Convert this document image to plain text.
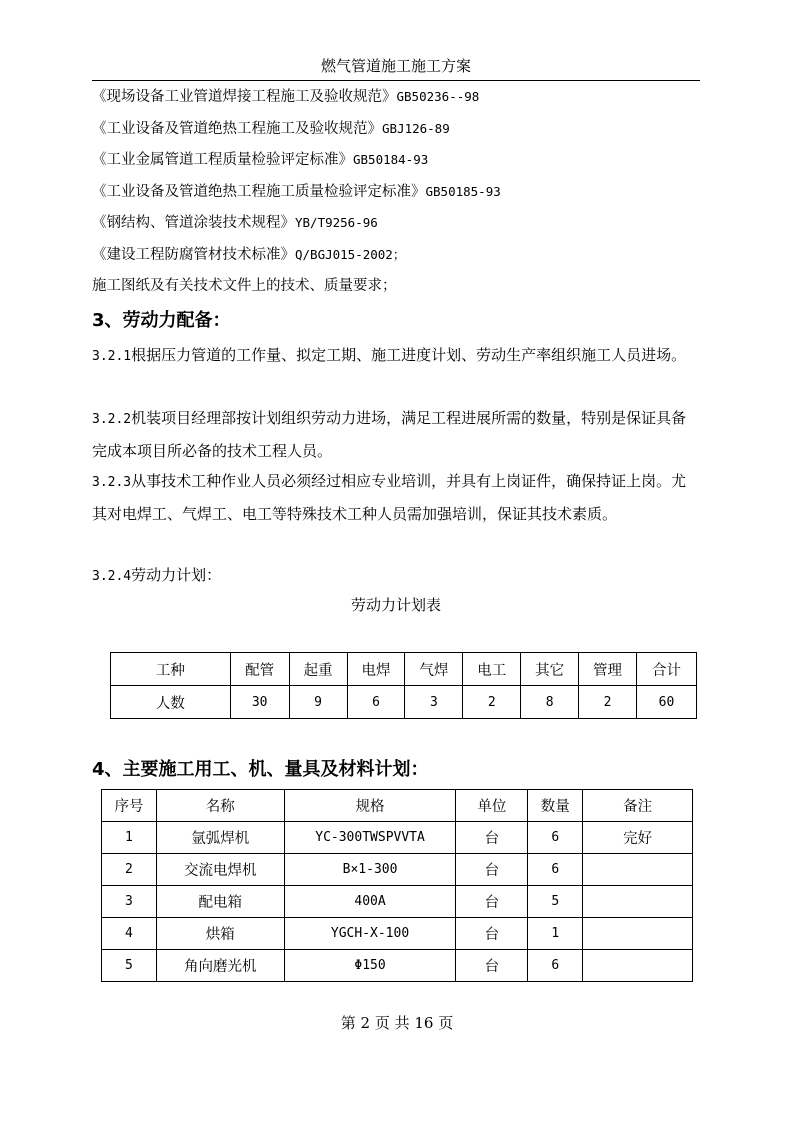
燃气管道施工施工方案
《现场设备工业管道焊接工程施工及验收规范》GB50236--98
《工业设备及管道绝热工程施工及验收规范》GBJ126-89
《工业金属管道工程质量检验评定标准》GB50184-93
《工业设备及管道绝热工程施工质量检验评定标准》GB50185-93
《钢结构、管道涂装技术规程》YB/T9256-96
《建设工程防腐管材技术标准》Q/BGJ015-2002；
施工图纸及有关技术文件上的技术、质量要求；
3、劳动力配备：
3.2.1根据压力管道的工作量、拟定工期、施工进度计划、劳动生产率组织施工人员进场。
3.2.2机装项目经理部按计划组织劳动力进场，满足工程进展所需的数量，特别是保证具备完成本项目所必备的技术工程人员。
3.2.3从事技术工种作业人员必须经过相应专业培训，并具有上岗证件，确保持证上岗。尤其对电焊工、气焊工、电工等特殊技术工种人员需加强培训，保证其技术素质。
3.2.4劳动力计划：
劳动力计划表
工种	配管	起重	电焊	气焊	电工	其它	管理	合计
人数	30	9	6	3	2	8	2	60
4、主要施工用工、机、量具及材料计划：
序号	名称	规格	单位	数量	备注
1	氩弧焊机	YC-300TWSPVVTA	台	6	完好
2	交流电焊机	B×1-300	台	6	
3	配电箱	400A	台	5	
4	烘箱	YGCH-X-100	台	1	
5	角向磨光机	Φ150	台	6	
第 2 页 共 16 页
